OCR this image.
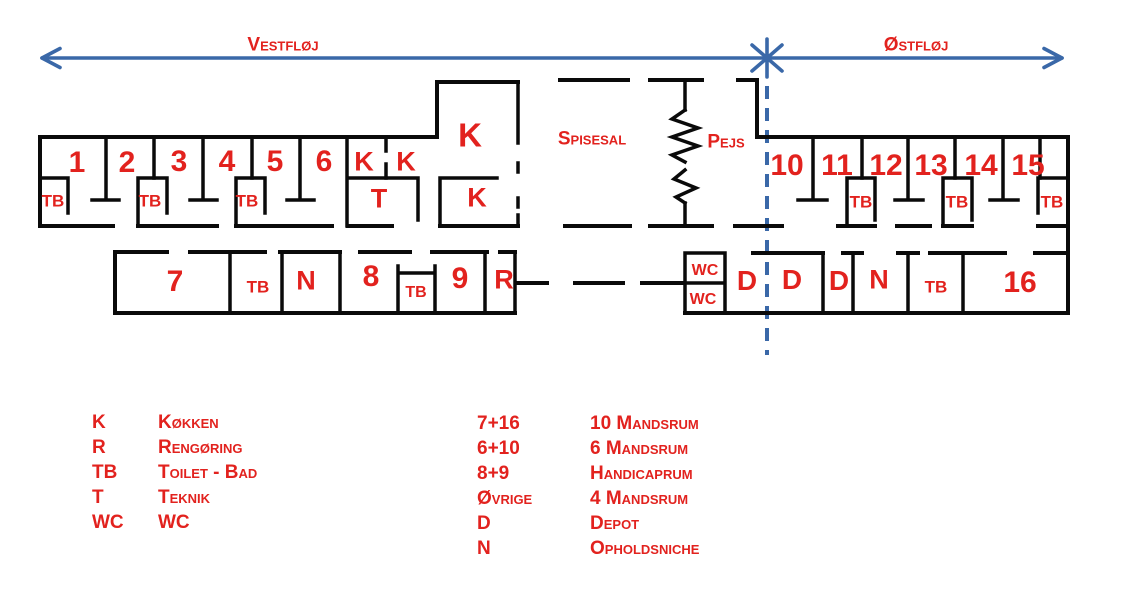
Vestfløj	Østfløj
1 2 3 4 5 6
TB	TB	TB
K K
T
K
K
Spisesal	Pejs
10 11 12 13 14 15
TB	TB	TB
7	TB N 8 TB 9 R	WC
WC
D D D N TB 16
K	Køkken
R	Rengøring
TB	Toilet - Bad
T	Teknik
WC	WC
7+16	10 Mandsrum
6+10	6 Mandsrum
8+9	Handicaprum
Øvrige	4 Mandsrum
D	Depot
N	Opholdsniche
